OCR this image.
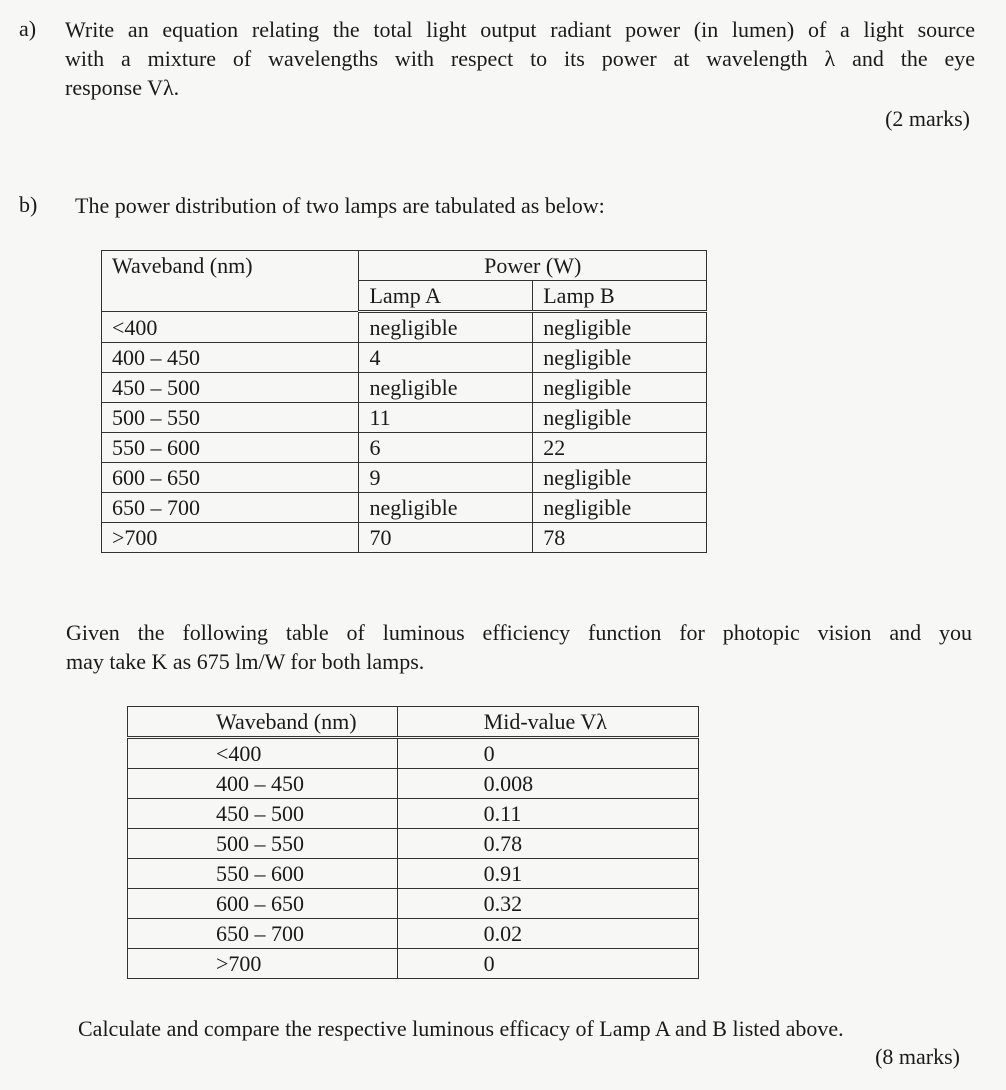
a) Write an equation relating the total light output radiant power (in lumen) of a light source
with a mixture of wavelengths with respect to its power at wavelength λ and the eye
response Vλ.
(2 marks)
b) The power distribution of two lamps are tabulated as below:
Waveband (nm)	Power (W)	
	Lamp A	Lamp B
<400	negligible	negligible
400 – 450	4	negligible
450 – 500	negligible	negligible
500 – 550	11	negligible
550 – 600	6	22
600 – 650	9	negligible
650 – 700	negligible	negligible
>700	70	78
Given the following table of luminous efficiency function for photopic vision and you
may take K as 675 lm/W for both lamps.
Waveband (nm)	Mid-value Vλ
<400	0
400 – 450	0.008
450 – 500	0.11
500 – 550	0.78
550 – 600	0.91
600 – 650	0.32
650 – 700	0.02
>700	0
Calculate and compare the respective luminous efficacy of Lamp A and B listed above.
(8 marks)
